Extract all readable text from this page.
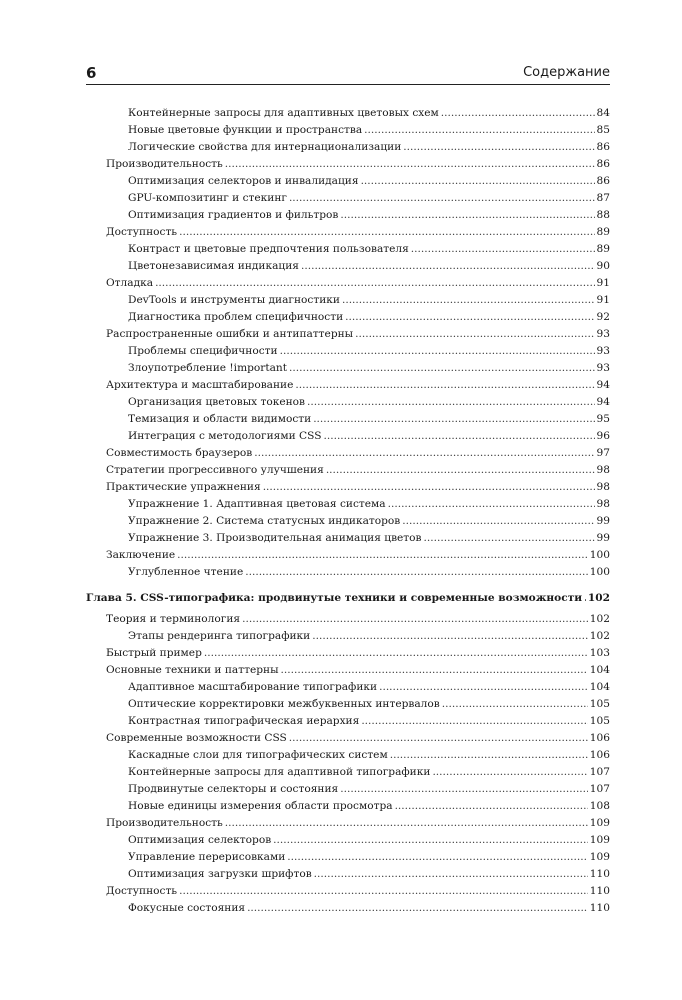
6	Содержание
Контейнерные запросы для адаптивных цветовых схем .....	84
Новые цветовые функции и пространства .....	85
Логические свойства для интернационализации .....	86
Производительность .....	86
Оптимизация селекторов и инвалидация .....	86
GPU-композитинг и стекинг .....	87
Оптимизация градиентов и фильтров .....	88
Доступность .....	89
Контраст и цветовые предпочтения пользователя .....	89
Цветонезависимая индикация .....	90
Отладка .....	91
DevTools и инструменты диагностики .....	91
Диагностика проблем специфичности .....	92
Распространенные ошибки и антипаттерны .....	93
Проблемы специфичности .....	93
Злоупотребление !important .....	93
Архитектура и масштабирование .....	94
Организация цветовых токенов .....	94
Темизация и области видимости .....	95
Интеграция с методологиями CSS .....	96
Совместимость браузеров .....	97
Стратегии прогрессивного улучшения .....	98
Практические упражнения .....	98
Упражнение 1. Адаптивная цветовая система .....	98
Упражнение 2. Система статусных индикаторов .....	99
Упражнение 3. Производительная анимация цветов .....	99
Заключение .....	100
Углубленное чтение .....	100
Глава 5. CSS-типографика: продвинутые техники и современные возможности ..... 102
Теория и терминология .....	102
Этапы рендеринга типографики .....	102
Быстрый пример .....	103
Основные техники и паттерны .....	104
Адаптивное масштабирование типографики .....	104
Оптические корректировки межбуквенных интервалов .....	105
Контрастная типографическая иерархия .....	105
Современные возможности CSS .....	106
Каскадные слои для типографических систем .....	106
Контейнерные запросы для адаптивной типографики .....	107
Продвинутые селекторы и состояния .....	107
Новые единицы измерения области просмотра .....	108
Производительность .....	109
Оптимизация селекторов .....	109
Управление перерисовками .....	109
Оптимизация загрузки шрифтов .....	110
Доступность .....	110
Фокусные состояния .....	110
